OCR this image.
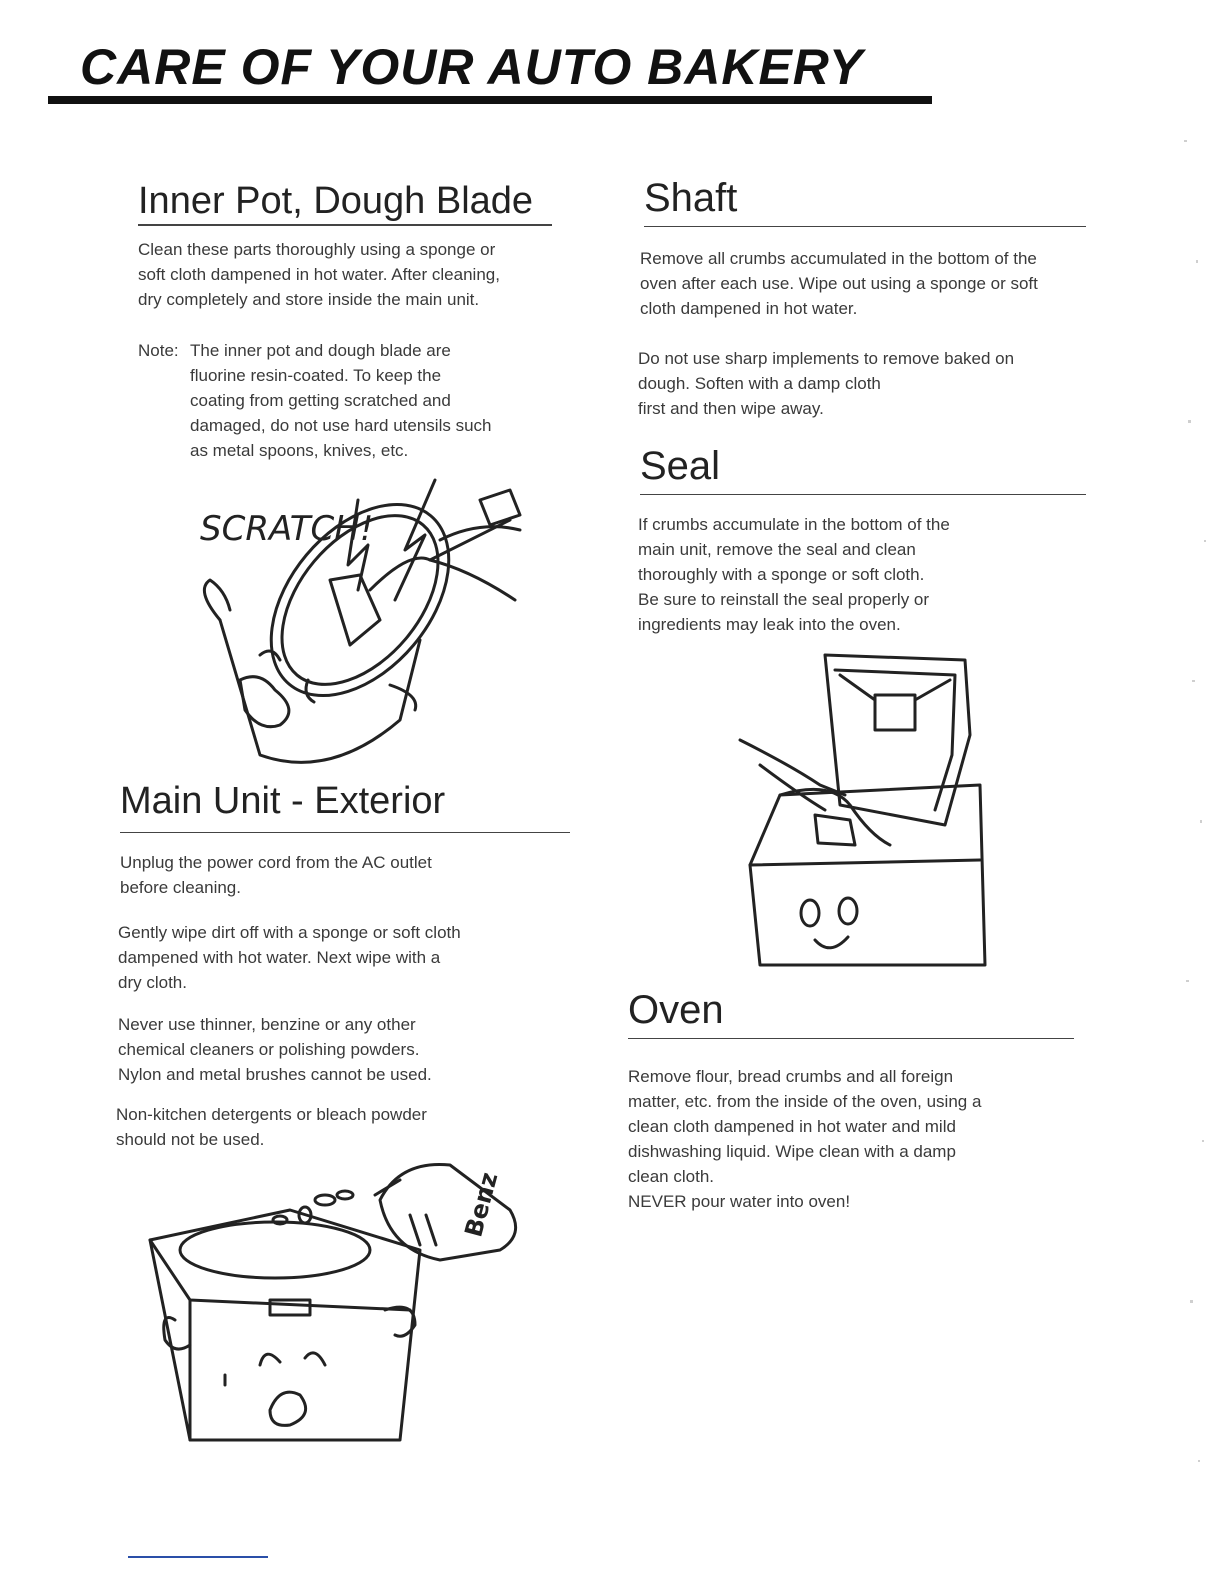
CARE OF YOUR AUTO BAKERY
Inner Pot, Dough Blade

Clean these parts thoroughly using a sponge or
soft cloth dampened in hot water. After cleaning,
dry completely and store inside the main unit.

Note: The inner pot and dough blade are
fluorine resin-coated. To keep the
coating from getting scratched and
damaged, do not use hard utensils such
as metal spoons, knives, etc.

SCRATCH!
Main Unit - Exterior

Unplug the power cord from the AC outlet
before cleaning.

Gently wipe dirt off with a sponge or soft cloth
dampened with hot water. Next wipe with a
dry cloth.

Never use thinner, benzine or any other
chemical cleaners or polishing powders.
Nylon and metal brushes cannot be used.

Non-kitchen detergents or bleach powder
should not be used.

Benz
Shaft

Remove all crumbs accumulated in the bottom of the
oven after each use. Wipe out using a sponge or soft
cloth dampened in hot water.

Do not use sharp implements to remove baked on
dough. Soften with a damp cloth
first and then wipe away.

Seal

If crumbs accumulate in the bottom of the
main unit, remove the seal and clean
thoroughly with a sponge or soft cloth.
Be sure to reinstall the seal properly or
ingredients may leak into the oven.

Oven

Remove flour, bread crumbs and all foreign
matter, etc. from the inside of the oven, using a
clean cloth dampened in hot water and mild
dishwashing liquid. Wipe clean with a damp
clean cloth.
NEVER pour water into oven!
